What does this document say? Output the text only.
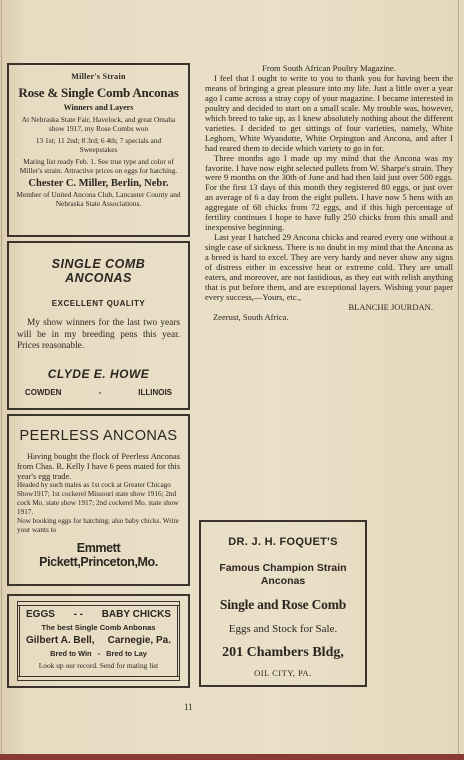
Miller's Strain
Rose & Single Comb Anconas
Winners and Layers
At Nebraska State Fair, Havelock, and great Omaha show 1917, my Rose Combs won
13 1st; 11 2nd; 8 3rd; 6 4th; 7 specials and Sweepstakes
Mating list ready Feb. 1. See true type and color of Miller's strain. Attractive prices on eggs for hatching.
Chester C. Miller, Berlin, Nebr.
Member of United Ancona Club, Lancaster County and Nebraska State Associations.
SINGLE COMB ANCONAS
EXCELLENT QUALITY
My show winners for the last two years will be in my breeding pens this year. Prices reasonable.
CLYDE E. HOWE
COWDEN	-	ILLINOIS
PEERLESS ANCONAS
Having bought the flock of Peerless Anconas from Chas. R. Kelly I have 6 pens mated for this year's egg trade.
Headed by such males as 1st cock at Greater Chicago Show1917; 1st cockerel Missouri state show 1916; 2nd cock Mo. state show 1917; 2nd cockerel Mo. state show 1917.
Now booking eggs for hatching; also baby chicks. Write your wants to
Emmett Pickett,Princeton,Mo.
EGGS - - BABY CHICKS
The best Single Comb Anbonas
Gilbert A. Bell, Carnegie, Pa.
Bred to Win - Bred to Lay
Look up our record. Send for mating list

From South African Poultry Magazine.

I feel that I ought to write to you to thank you for having been the means of bringing a great pleasure into my life. Just a little over a year ago I came across a stray copy of your magazine. I became interested in poultry and decided to start on a small scale. My trouble was, however, which breed to take up, as I knew absolutely nothing about the different varieties. I decided to get sittings of four varieties, namely, White Leghorn, White Wyandotte, White Orpington and Ancona, and after I had reared them to decide which variety to go in for.

Three months ago I made up my mind that the Ancona was my favorite. I have now eight selected pullets from W. Sharpe's strain. They were 9 months on the 30th of June and had then laid just over 500 eggs. For the first 13 days of this month they registered 80 eggs, or just over an average of 6 a day from the eight pullets. I have now 5 hens with an aggregate of 68 chicks from 72 eggs, and if this high percentage of fertility continues I hope to have fully 250 chicks from this small and inexpensive beginning.

Last year I hatched 29 Ancona chicks and reared every one without a single case of sickness. There is no doubt in my mind that the Ancona as a breed is hard to excel. They are very hardy and never show any signs of distress either in excessive heat or extreme cold. They are small eaters, and moreover, are not fastidious, as they eat with relish anything that is put before them, and are exceptional layers. Wishing your paper every success,—Yours, etc.,

BLANCHE JOURDAN.

Zeerust, South Africa.

DR. J. H. FOQUET'S
Famous Champion Strain
Anconas
Single and Rose Comb
Eggs and Stock for Sale.
201 Chambers Bldg,
OIL CITY, PA.
11
